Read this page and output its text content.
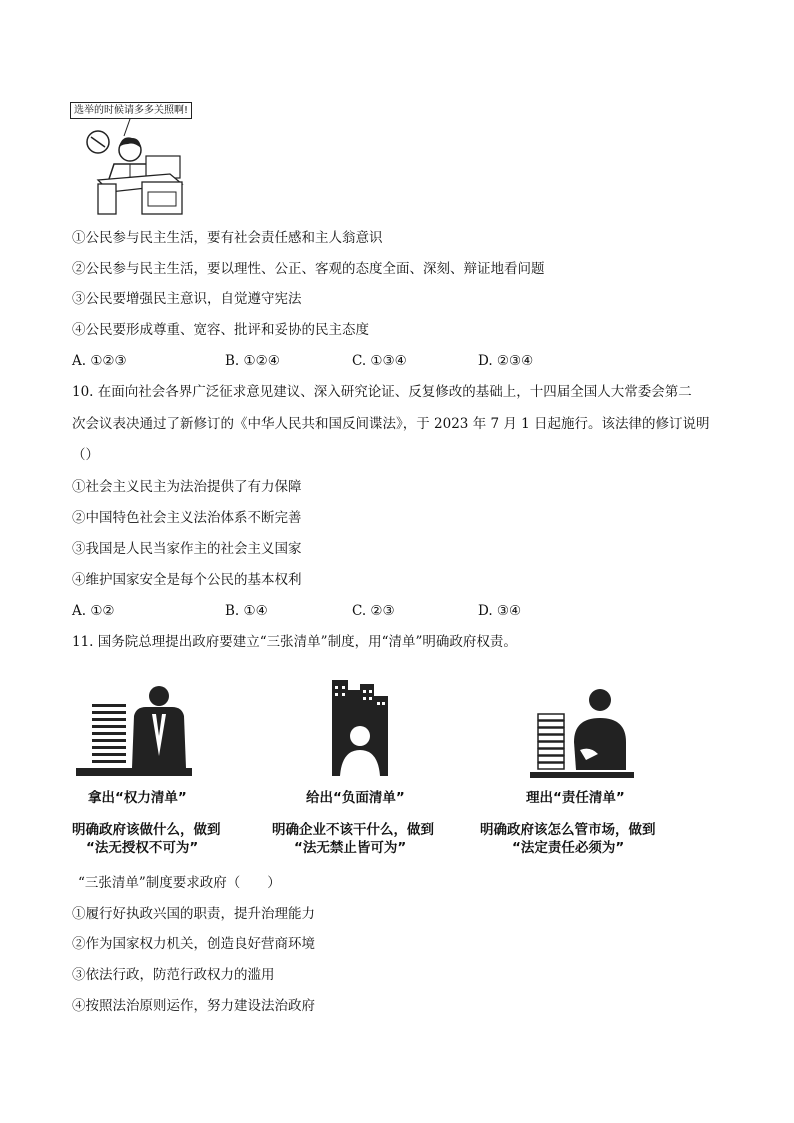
选举的时候请多多关照啊!
①公民参与民主生活，要有社会责任感和主人翁意识
②公民参与民主生活，要以理性、公正、客观的态度全面、深刻、辩证地看问题
③公民要增强民主意识，自觉遵守宪法
④公民要形成尊重、宽容、批评和妥协的民主态度
A. ①②③	B. ①②④	C. ①③④	D. ②③④
10. 在面向社会各界广泛征求意见建议、深入研究论证、反复修改的基础上，十四届全国人大常委会第二
次会议表决通过了新修订的《中华人民共和国反间谍法》，于 2023 年 7 月 1 日起施行。该法律的修订说明
（）
①社会主义民主为法治提供了有力保障
②中国特色社会主义法治体系不断完善
③我国是人民当家作主的社会主义国家
④维护国家安全是每个公民的基本权利
A. ①②	B. ①④	C. ②③	D. ③④
11. 国务院总理提出政府要建立“三张清单”制度，用“清单”明确政府权责。
拿出“权力清单”
明确政府该做什么，做到
“法无授权不可为”
给出“负面清单”
明确企业不该干什么，做到
“法无禁止皆可为”
理出“责任清单”
明确政府该怎么管市场，做到
“法定责任必须为”
“三张清单”制度要求政府（　　）
①履行好执政兴国的职责，提升治理能力
②作为国家权力机关，创造良好营商环境
③依法行政，防范行政权力的滥用
④按照法治原则运作，努力建设法治政府
